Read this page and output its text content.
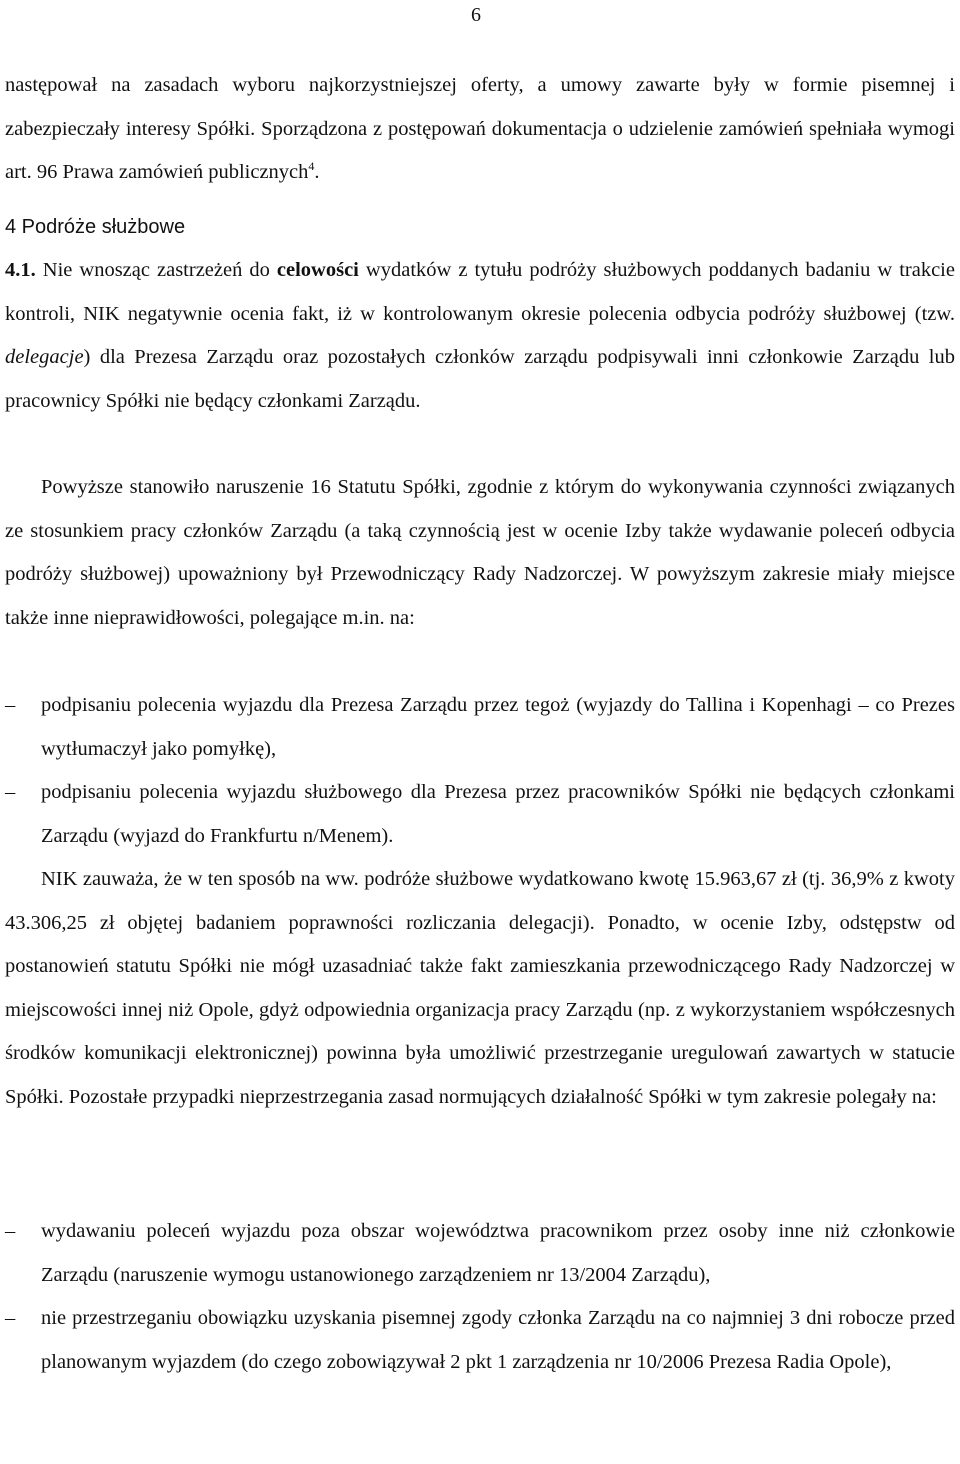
6

następował na zasadach wyboru najkorzystniejszej oferty, a umowy zawarte były w formie pisemnej i zabezpieczały interesy Spółki. Sporządzona z postępowań dokumentacja o udzielenie zamówień spełniała wymogi art. 96 Prawa zamówień publicznych$^4$.

4 Podróże służbowe

4.1. Nie wnosząc zastrzeżeń do celowości wydatków z tytułu podróży służbowych poddanych badaniu w trakcie kontroli, NIK negatywnie ocenia fakt, iż w kontrolowanym okresie polecenia odbycia podróży służbowej (tzw. delegacje) dla Prezesa Zarządu oraz pozostałych członków zarządu podpisywali inni członkowie Zarządu lub pracownicy Spółki nie będący członkami Zarządu.

Powyższe stanowiło naruszenie 16 Statutu Spółki, zgodnie z którym do wykonywania czynności związanych ze stosunkiem pracy członków Zarządu (a taką czynnością jest w ocenie Izby także wydawanie poleceń odbycia podróży służbowej) upoważniony był Przewodniczący Rady Nadzorczej. W powyższym zakresie miały miejsce także inne nieprawidłowości, polegające m.in. na:

–	podpisaniu polecenia wyjazdu dla Prezesa Zarządu przez tegoż (wyjazdy do Tallina i Kopenhagi – co Prezes wytłumaczył jako pomyłkę),
–	podpisaniu polecenia wyjazdu służbowego dla Prezesa przez pracowników Spółki nie będących członkami Zarządu (wyjazd do Frankfurtu n/Menem).

NIK zauważa, że w ten sposób na ww. podróże służbowe wydatkowano kwotę 15.963,67 zł (tj. 36,9% z kwoty 43.306,25 zł objętej badaniem poprawności rozliczania delegacji). Ponadto, w ocenie Izby, odstępstw od postanowień statutu Spółki nie mógł uzasadniać także fakt zamieszkania przewodniczącego Rady Nadzorczej w miejscowości innej niż Opole, gdyż odpowiednia organizacja pracy Zarządu (np. z wykorzystaniem współczesnych środków komunikacji elektronicznej) powinna była umożliwić przestrzeganie uregulowań zawartych w statucie Spółki. Pozostałe przypadki nieprzestrzegania zasad normujących działalność Spółki w tym zakresie polegały na:

–	wydawaniu poleceń wyjazdu poza obszar województwa pracownikom przez osoby inne niż członkowie Zarządu (naruszenie wymogu ustanowionego zarządzeniem nr 13/2004 Zarządu),
–	nie przestrzeganiu obowiązku uzyskania pisemnej zgody członka Zarządu na co najmniej 3 dni robocze przed planowanym wyjazdem (do czego zobowiązywał 2 pkt 1 zarządzenia nr 10/2006 Prezesa Radia Opole),
